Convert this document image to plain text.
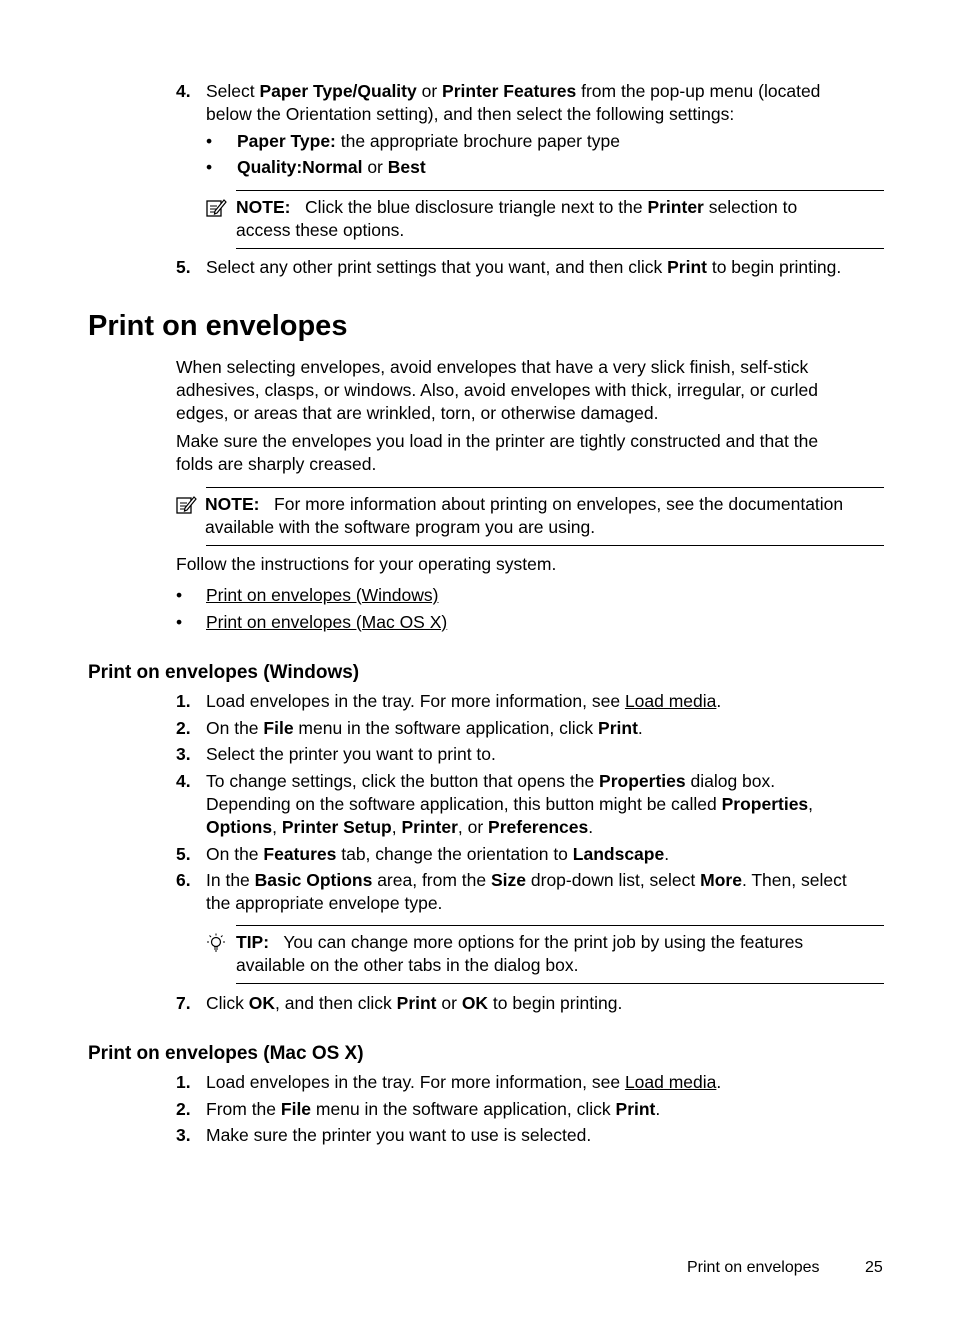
4. Select Paper Type/Quality or Printer Features from the pop-up menu (located
below the Orientation setting), and then select the following settings:
• Paper Type: the appropriate brochure paper type
• Quality:Normal or Best
NOTE: Click the blue disclosure triangle next to the Printer selection to
access these options.
5. Select any other print settings that you want, and then click Print to begin printing.
Print on envelopes
When selecting envelopes, avoid envelopes that have a very slick finish, self-stick
adhesives, clasps, or windows. Also, avoid envelopes with thick, irregular, or curled
edges, or areas that are wrinkled, torn, or otherwise damaged.
Make sure the envelopes you load in the printer are tightly constructed and that the
folds are sharply creased.
NOTE: For more information about printing on envelopes, see the documentation
available with the software program you are using.
Follow the instructions for your operating system.
• Print on envelopes (Windows)
• Print on envelopes (Mac OS X)
Print on envelopes (Windows)
1. Load envelopes in the tray. For more information, see Load media.
2. On the File menu in the software application, click Print.
3. Select the printer you want to print to.
4. To change settings, click the button that opens the Properties dialog box.
Depending on the software application, this button might be called Properties,
Options, Printer Setup, Printer, or Preferences.
5. On the Features tab, change the orientation to Landscape.
6. In the Basic Options area, from the Size drop-down list, select More. Then, select
the appropriate envelope type.
TIP: You can change more options for the print job by using the features
available on the other tabs in the dialog box.
7. Click OK, and then click Print or OK to begin printing.
Print on envelopes (Mac OS X)
1. Load envelopes in the tray. For more information, see Load media.
2. From the File menu in the software application, click Print.
3. Make sure the printer you want to use is selected.
Print on envelopes	25
